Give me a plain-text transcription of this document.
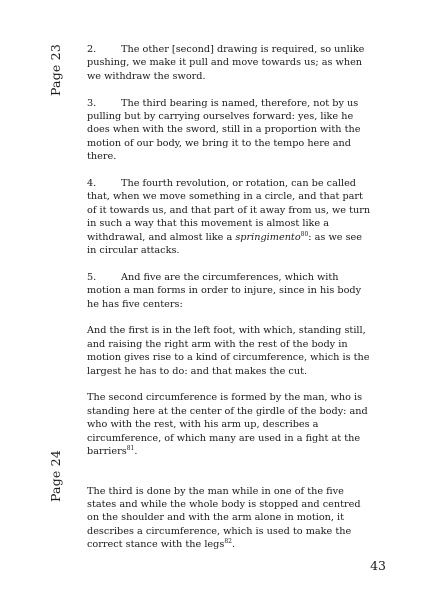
Page 23
Page 24

2.	The other [second] drawing is required, so unlike pushing, we make it pull and move towards us; as when we withdraw the sword.

3.	The third bearing is named, therefore, not by us pulling but by carrying ourselves forward: yes, like he does when with the sword, still in a proportion with the motion of our body, we bring it to the tempo here and there.

4.	The fourth revolution, or rotation, can be called that, when we move something in a circle, and that part of it towards us, and that part of it away from us, we turn in such a way that this movement is almost like a withdrawal, and almost like a springimento$^{80}$: as we see in circular attacks.

5.	And five are the circumferences, which with motion a man forms in order to injure, since in his body he has five centers:

And the first is in the left foot, with which, standing still, and raising the right arm with the rest of the body in motion gives rise to a kind of circumference, which is the largest he has to do: and that makes the cut.

The second circumference is formed by the man, who is standing here at the center of the girdle of the body: and who with the rest, with his arm up, describes a circumference, of which many are used in a fight at the barriers$^{81}$.

The third is done by the man while in one of the five states and while the whole body is stopped and centred on the shoulder and with the arm alone in motion, it describes a circumference, which is used to make the correct stance with the legs$^{82}$.

43
